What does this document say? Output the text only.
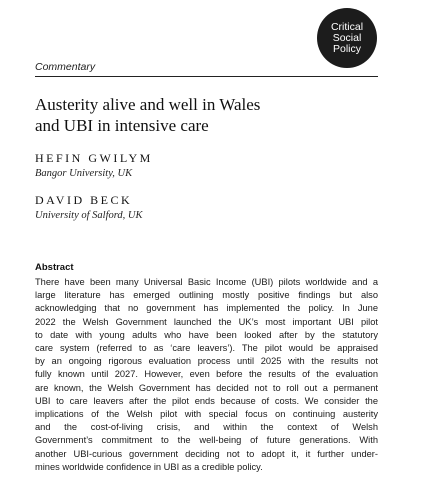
Critical
Social
Policy
Commentary
Austerity alive and well in Wales
and UBI in intensive care
HEFIN GWILYM
Bangor University, UK
DAVID BECK
University of Salford, UK
Abstract

There have been many Universal Basic Income (UBI) pilots worldwide and a
large literature has emerged outlining mostly positive findings but also
acknowledging that no government has implemented the policy. In June
2022 the Welsh Government launched the UK’s most important UBI pilot
to date with young adults who have been looked after by the statutory
care system (referred to as ‘care leavers’). The pilot would be appraised
by an ongoing rigorous evaluation process until 2025 with the results not
fully known until 2027. However, even before the results of the evaluation
are known, the Welsh Government has decided not to roll out a permanent
UBI to care leavers after the pilot ends because of costs. We consider the
implications of the Welsh pilot with special focus on continuing austerity
and the cost-of-living crisis, and within the context of Welsh
Government’s commitment to the well-being of future generations. With
another UBI-curious government deciding not to adopt it, it further under-
mines worldwide confidence in UBI as a credible policy.
